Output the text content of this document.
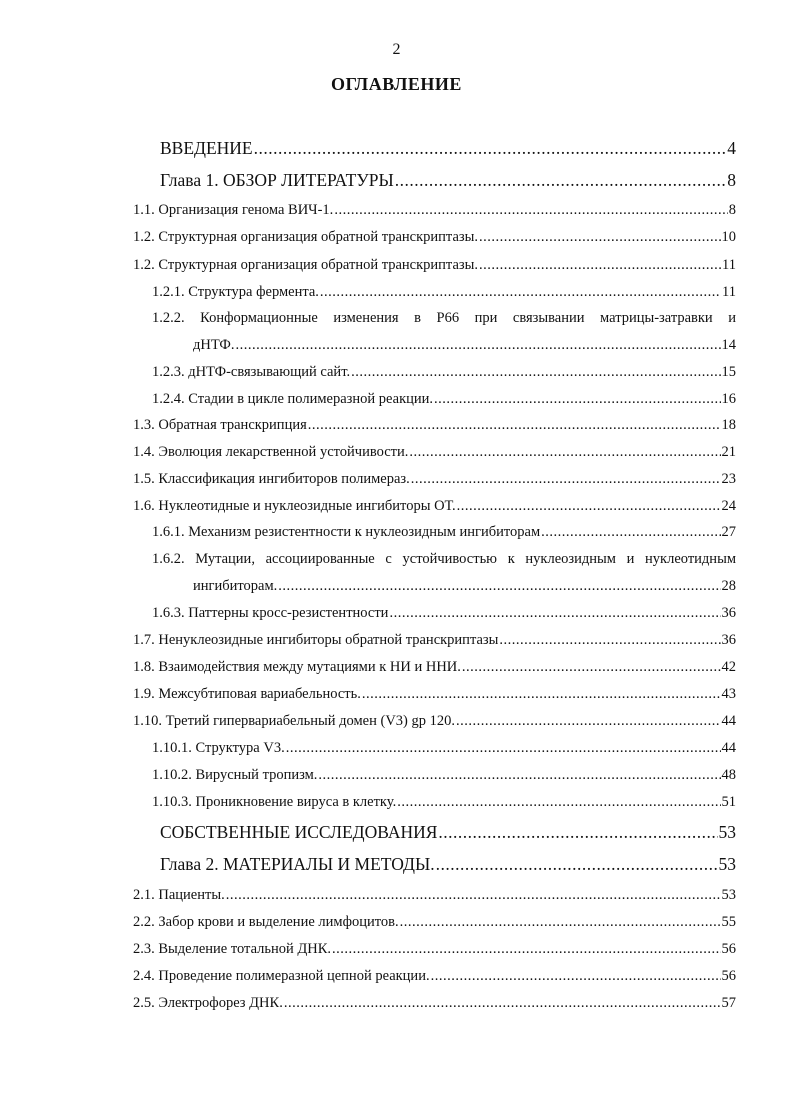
2
ОГЛАВЛЕНИЕ
ВВЕДЕНИЕ .....	4
Глава 1. ОБЗОР ЛИТЕРАТУРЫ .....	8
1.1. Организация генома ВИЧ-1. .....	8
1.2. Структурная организация обратной транскриптазы. .....	10
1.2. Структурная организация обратной транскриптазы. .....	11
1.2.1. Структура фермента. .....	11
1.2.2. Конформационные изменения в Р66 при связывании матрицы-затравки и
дНТФ. .....	14
1.2.3. дНТФ-связывающий сайт. .....	15
1.2.4. Стадии в цикле полимеразной реакции. .....	16
1.3. Обратная транскрипция .....	18
1.4. Эволюция лекарственной устойчивости. .....	21
1.5. Классификация ингибиторов полимераз. .....	23
1.6. Нуклеотидные и нуклеозидные ингибиторы ОТ. .....	24
1.6.1. Механизм резистентности к нуклеозидным ингибиторам .....	27
1.6.2. Мутации, ассоциированные с устойчивостью к нуклеозидным и нуклеотидным
ингибиторам. .....	28
1.6.3. Паттерны кросс-резистентности .....	36
1.7. Ненуклеозидные ингибиторы обратной транскриптазы .....	36
1.8. Взаимодействия между мутациями к НИ и ННИ. .....	42
1.9. Межсубтиповая вариабельность. .....	43
1.10. Третий гипервариабельный домен (V3) gp 120. .....	44
1.10.1. Структура V3. .....	44
1.10.2. Вирусный тропизм. .....	48
1.10.3. Проникновение вируса в клетку. .....	51
СОБСТВЕННЫЕ ИССЛЕДОВАНИЯ .....	53
Глава 2. МАТЕРИАЛЫ И МЕТОДЫ. .....	53
2.1. Пациенты. .....	53
2.2. Забор крови и выделение лимфоцитов. .....	55
2.3. Выделение тотальной ДНК. .....	56
2.4. Проведение полимеразной цепной реакции. .....	56
2.5. Электрофорез ДНК. .....	57
